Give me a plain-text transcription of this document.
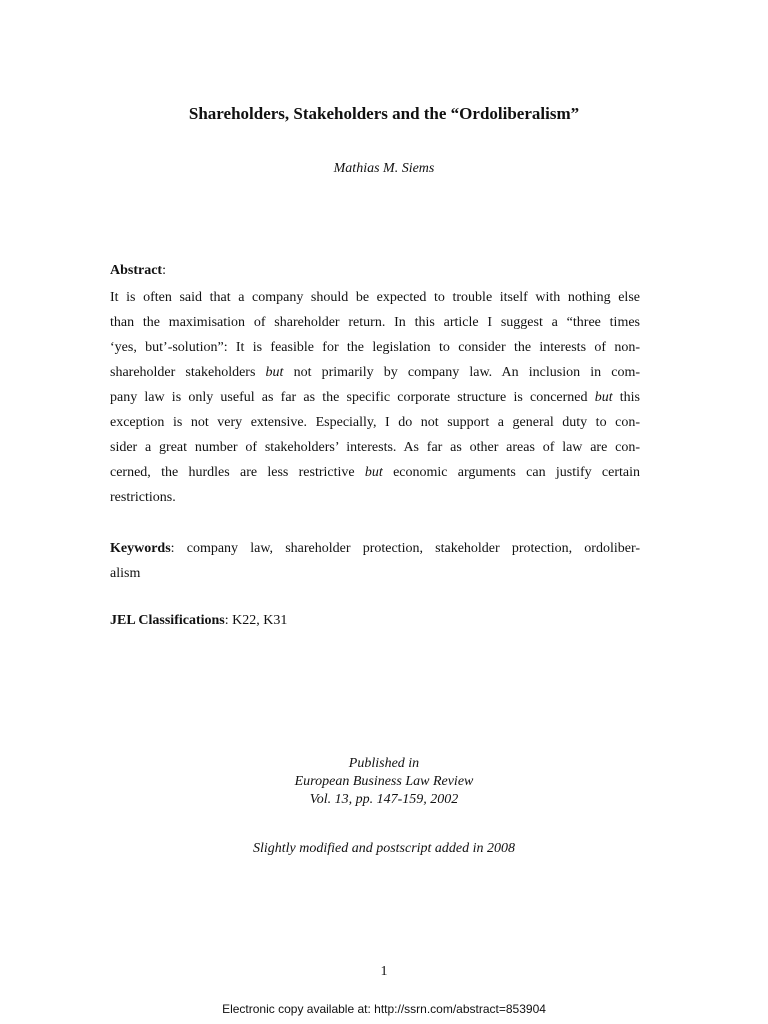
Shareholders, Stakeholders and the “Ordoliberalism”
Mathias M. Siems
Abstract:
It is often said that a company should be expected to trouble itself with nothing else
than the maximisation of shareholder return. In this article I suggest a “three times
‘yes, but’-solution”: It is feasible for the legislation to consider the interests of non-
shareholder stakeholders but not primarily by company law. An inclusion in com-
pany law is only useful as far as the specific corporate structure is concerned but this
exception is not very extensive. Especially, I do not support a general duty to con-
sider a great number of stakeholders’ interests. As far as other areas of law are con-
cerned, the hurdles are less restrictive but economic arguments can justify certain
restrictions.
Keywords: company law, shareholder protection, stakeholder protection, ordoliber-
alism
JEL Classifications: K22, K31
Published in
European Business Law Review
Vol. 13, pp. 147-159, 2002
Slightly modified and postscript added in 2008
1
Electronic copy available at: http://ssrn.com/abstract=853904
